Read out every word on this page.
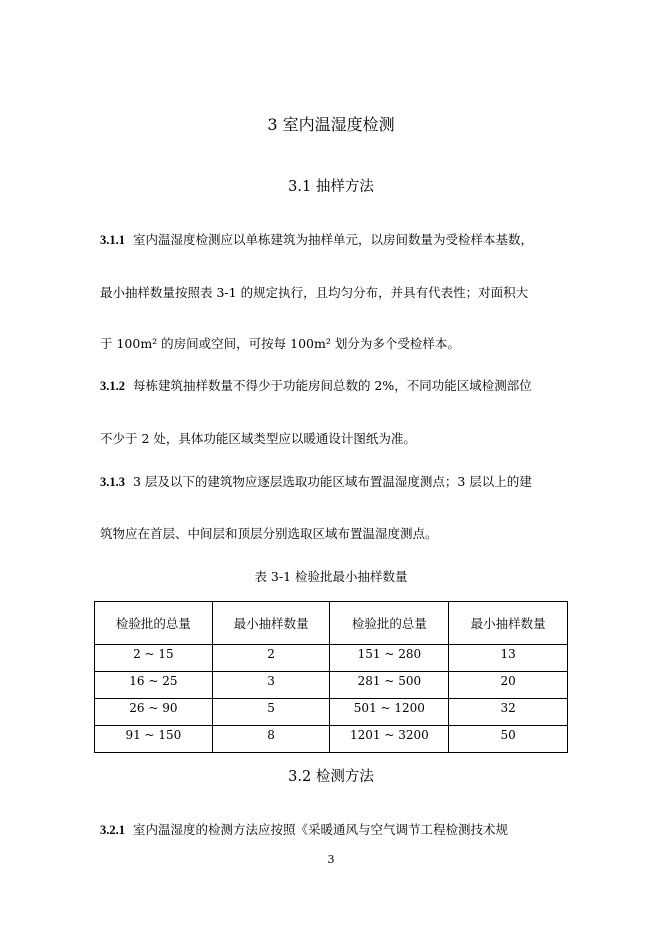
3 室内温湿度检测
3.1 抽样方法
3.1.1 室内温湿度检测应以单栋建筑为抽样单元，以房间数量为受检样本基数，
最小抽样数量按照表 3-1 的规定执行，且均匀分布，并具有代表性；对面积大
于 100m² 的房间或空间，可按每 100m² 划分为多个受检样本。
3.1.2 每栋建筑抽样数量不得少于功能房间总数的 2%，不同功能区域检测部位
不少于 2 处，具体功能区域类型应以暖通设计图纸为准。
3.1.3 3 层及以下的建筑物应逐层选取功能区域布置温湿度测点；3 层以上的建
筑物应在首层、中间层和顶层分别选取区域布置温湿度测点。
表 3-1 检验批最小抽样数量
检验批的总量	最小抽样数量	检验批的总量	最小抽样数量
2 ~ 15	2	151 ~ 280	13
16 ~ 25	3	281 ~ 500	20
26 ~ 90	5	501 ~ 1200	32
91 ~ 150	8	1201 ~ 3200	50
3.2 检测方法
3.2.1 室内温湿度的检测方法应按照《采暖通风与空气调节工程检测技术规
3
